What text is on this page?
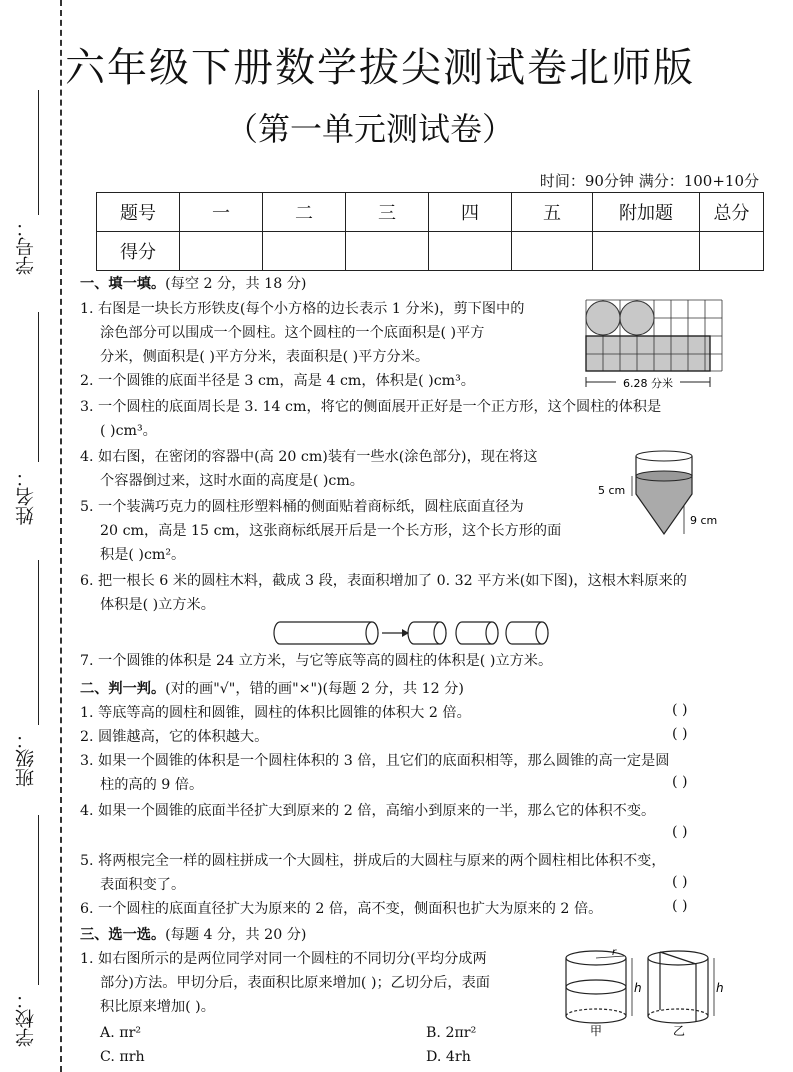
学号：
姓名：
班级：
学校：
六年级下册数学拔尖测试卷北师版
（第一单元测试卷）
时间：90分钟 满分：100+10分
题号	一	二	三	四	五	附加题	总分
得分							
一、填一填。(每空 2 分，共 18 分)
1. 右图是一块长方形铁皮(每个小方格的边长表示 1 分米)，剪下图中的
涂色部分可以围成一个圆柱。这个圆柱的一个底面积是( )平方
分米，侧面积是( )平方分米，表面积是( )平方分米。
6.28 分米
2. 一个圆锥的底面半径是 3 cm，高是 4 cm，体积是( )cm³。
3. 一个圆柱的底面周长是 3. 14 cm，将它的侧面展开正好是一个正方形，这个圆柱的体积是
( )cm³。
4. 如右图，在密闭的容器中(高 20 cm)装有一些水(涂色部分)，现在将这
个容器倒过来，这时水面的高度是( )cm。
5 cm
9 cm
5. 一个装满巧克力的圆柱形塑料桶的侧面贴着商标纸，圆柱底面直径为
20 cm，高是 15 cm，这张商标纸展开后是一个长方形，这个长方形的面
积是( )cm²。
6. 把一根长 6 米的圆柱木料，截成 3 段，表面积增加了 0. 32 平方米(如下图)，这根木料原来的
体积是( )立方米。
7. 一个圆锥的体积是 24 立方米，与它等底等高的圆柱的体积是( )立方米。
二、判一判。(对的画"√"，错的画"×")(每题 2 分，共 12 分)
1. 等底等高的圆柱和圆锥，圆柱的体积比圆锥的体积大 2 倍。	( )
2. 圆锥越高，它的体积越大。	( )
3. 如果一个圆锥的体积是一个圆柱体积的 3 倍，且它们的底面积相等，那么圆锥的高一定是圆
柱的高的 9 倍。	( )
4. 如果一个圆锥的底面半径扩大到原来的 2 倍，高缩小到原来的一半，那么它的体积不变。
( )
5. 将两根完全一样的圆柱拼成一个大圆柱，拼成后的大圆柱与原来的两个圆柱相比体积不变，
表面积变了。	( )
6. 一个圆柱的底面直径扩大为原来的 2 倍，高不变，侧面积也扩大为原来的 2 倍。	( )
三、选一选。(每题 4 分，共 20 分)
1. 如右图所示的是两位同学对同一个圆柱的不同切分(平均分成两
部分)方法。甲切分后，表面积比原来增加( )；乙切分后，表面
积比原来增加( )。
A. πr²	B. 2πr²
C. πrh	D. 4rh
r
h	h
甲	乙
